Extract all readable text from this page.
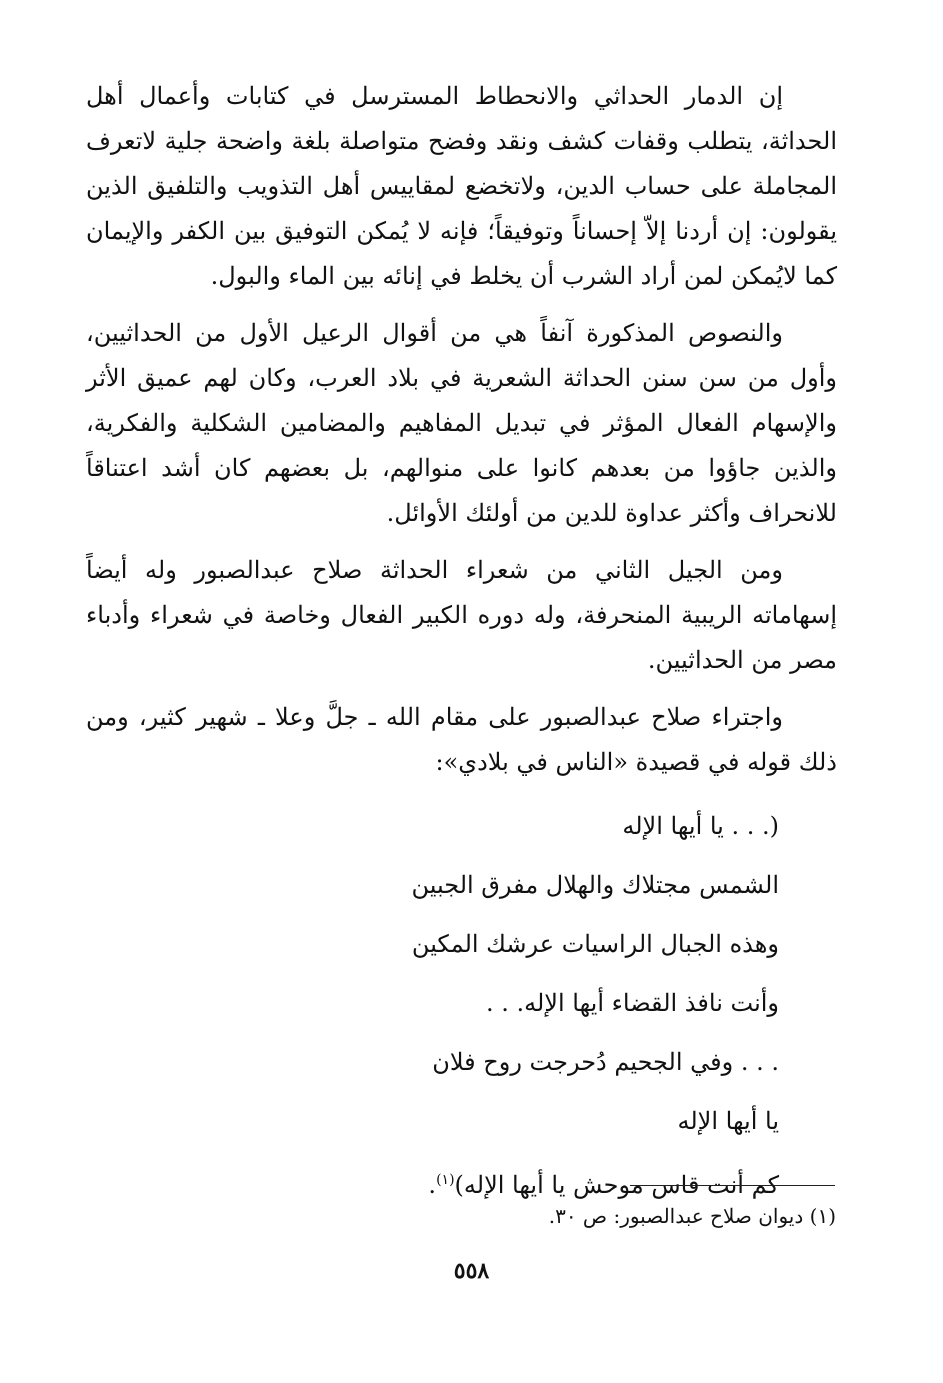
إن الدمار الحداثي والانحطاط المسترسل في كتابات وأعمال أهل الحداثة، يتطلب وقفات كشف ونقد وفضح متواصلة بلغة واضحة جلية لاتعرف المجاملة على حساب الدين، ولاتخضع لمقاييس أهل التذويب والتلفيق الذين يقولون: إن أردنا إلاّ إحساناً وتوفيقاً؛ فإنه لا يُمكن التوفيق بين الكفر والإيمان كما لايُمكن لمن أراد الشرب أن يخلط في إنائه بين الماء والبول.

والنصوص المذكورة آنفاً هي من أقوال الرعيل الأول من الحداثيين، وأول من سن سنن الحداثة الشعرية في بلاد العرب، وكان لهم عميق الأثر والإسهام الفعال المؤثر في تبديل المفاهيم والمضامين الشكلية والفكرية، والذين جاؤوا من بعدهم كانوا على منوالهم، بل بعضهم كان أشد اعتناقاً للانحراف وأكثر عداوة للدين من أولئك الأوائل.

ومن الجيل الثاني من شعراء الحداثة صلاح عبدالصبور وله أيضاً إسهاماته الريبية المنحرفة، وله دوره الكبير الفعال وخاصة في شعراء وأدباء مصر من الحداثيين.

واجتراء صلاح عبدالصبور على مقام الله ـ جلَّ وعلا ـ شهير كثير، ومن ذلك قوله في قصيدة «الناس في بلادي»:

(. . . يا أيها الإله
الشمس مجتلاك والهلال مفرق الجبين
وهذه الجبال الراسيات عرشك المكين
وأنت نافذ القضاء أيها الإله. . .
. . . وفي الجحيم دُحرجت روح فلان
يا أيها الإله
كم أنت قاس موحش يا أيها الإله)$^{(١)}$.
(١) ديوان صلاح عبدالصبور: ص ٣٠.
٥٥٨
